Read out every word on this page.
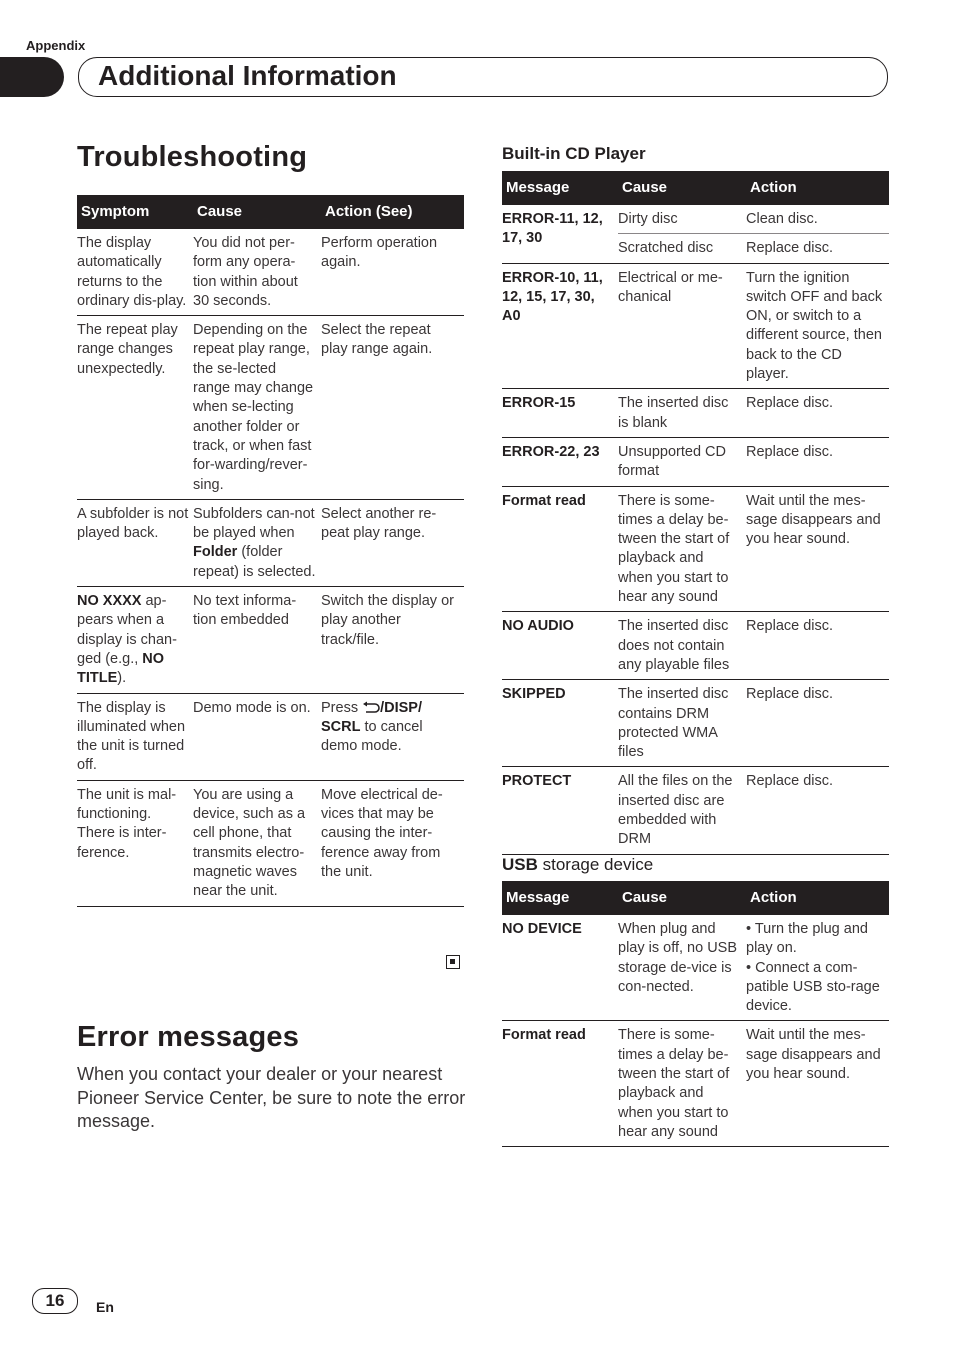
Appendix
Additional Information
Troubleshooting
Symptom	Cause	Action (See)
The display automatically returns to the ordinary dis-play.	You did not per-form any opera-tion within about 30 seconds.	Perform operation again.
The repeat play range changes unexpectedly.	Depending on the repeat play range, the se-lected range may change when se-lecting another folder or track, or when fast for-warding/rever-sing.	Select the repeat play range again.
A subfolder is not played back.	Subfolders can-not be played when Folder (folder repeat) is selected.	Select another re-peat play range.
NO XXXX ap-pears when a display is chan-ged (e.g., NO TITLE).	No text informa-tion embedded	Switch the display or play another track/file.
The display is illuminated when the unit is turned off.	Demo mode is on.	Press /DISP/ SCRL to cancel demo mode.
The unit is mal-functioning. There is inter-ference.	You are using a device, such as a cell phone, that transmits electro-magnetic waves near the unit.	Move electrical de-vices that may be causing the inter-ference away from the unit.
Error messages
When you contact your dealer or your nearest Pioneer Service Center, be sure to note the error message.
Built-in CD Player
Message	Cause	Action
ERROR-11, 12, 17, 30	Dirty disc	Clean disc.
	Scratched disc	Replace disc.
ERROR-10, 11, 12, 15, 17, 30, A0	Electrical or me-chanical	Turn the ignition switch OFF and back ON, or switch to a different source, then back to the CD player.
ERROR-15	The inserted disc is blank	Replace disc.
ERROR-22, 23	Unsupported CD format	Replace disc.
Format read	There is some-times a delay be-tween the start of playback and when you start to hear any sound	Wait until the mes-sage disappears and you hear sound.
NO AUDIO	The inserted disc does not contain any playable files	Replace disc.
SKIPPED	The inserted disc contains DRM protected WMA files	Replace disc.
PROTECT	All the files on the inserted disc are embedded with DRM	Replace disc.
USB storage device
Message	Cause	Action
NO DEVICE	When plug and play is off, no USB storage de-vice is con-nected.	• Turn the plug and play on.
• Connect a com-patible USB sto-rage device.

Format read	There is some-times a delay be-tween the start of playback and when you start to hear any sound	Wait until the mes-sage disappears and you hear sound.
16	En
